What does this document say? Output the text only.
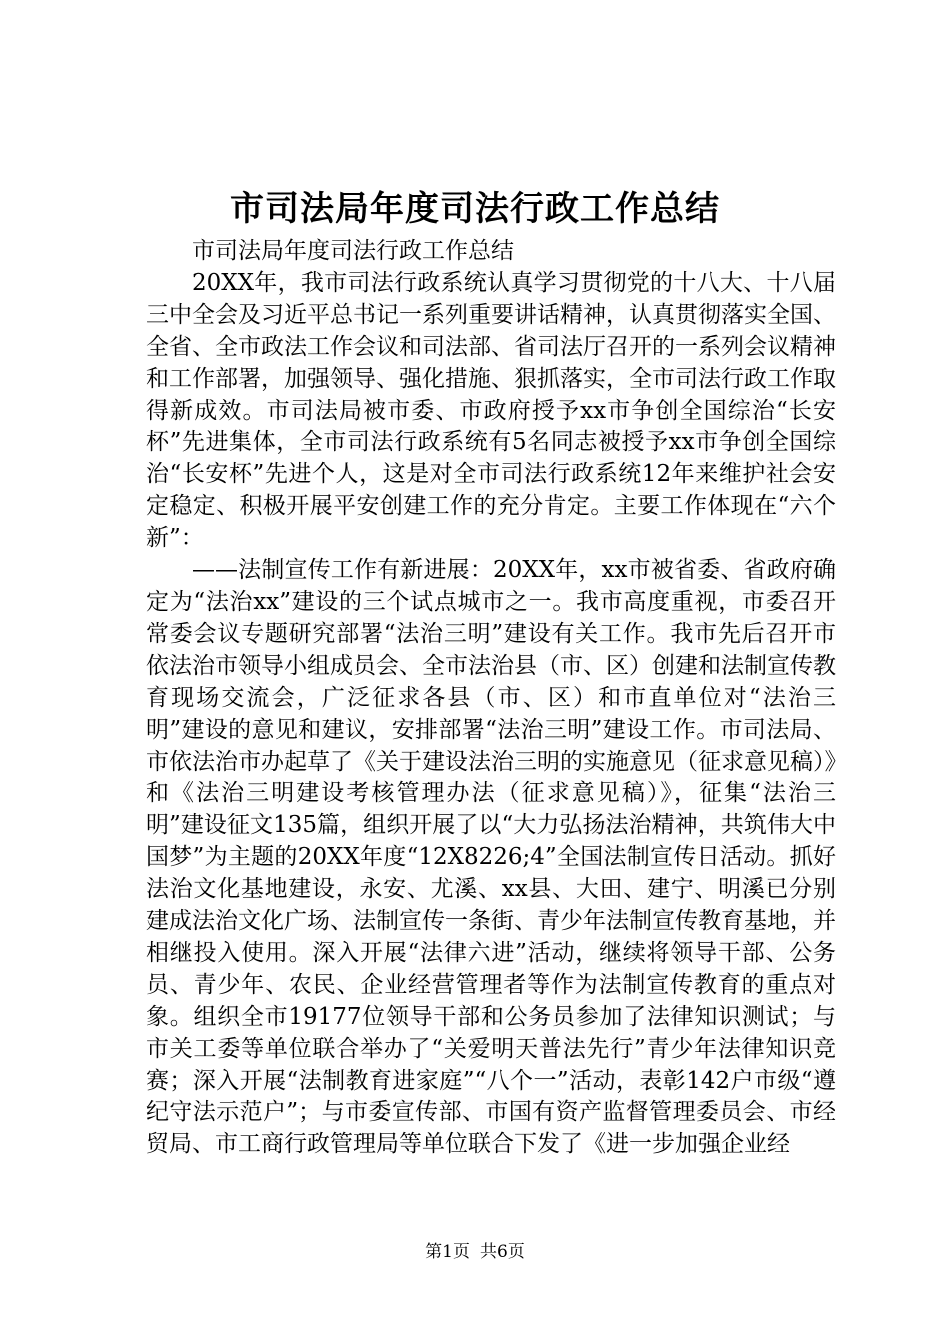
市司法局年度司法行政工作总结

市司法局年度司法行政工作总结

20XX年，我市司法行政系统认真学习贯彻党的十八大、十八届三中全会及习近平总书记一系列重要讲话精神，认真贯彻落实全国、全省、全市政法工作会议和司法部、省司法厅召开的一系列会议精神和工作部署，加强领导、强化措施、狠抓落实，全市司法行政工作取得新成效。市司法局被市委、市政府授予xx市争创全国综治“长安杯”先进集体，全市司法行政系统有5名同志被授予xx市争创全国综治“长安杯”先进个人，这是对全市司法行政系统12年来维护社会安定稳定、积极开展平安创建工作的充分肯定。主要工作体现在“六个新”：

——法制宣传工作有新进展：20XX年，xx市被省委、省政府确定为“法治xx”建设的三个试点城市之一。我市高度重视，市委召开常委会议专题研究部署“法治三明”建设有关工作。我市先后召开市依法治市领导小组成员会、全市法治县（市、区）创建和法制宣传教育现场交流会，广泛征求各县（市、区）和市直单位对“法治三明”建设的意见和建议，安排部署“法治三明”建设工作。市司法局、市依法治市办起草了《关于建设法治三明的实施意见（征求意见稿）》和《法治三明建设考核管理办法（征求意见稿）》，征集“法治三明”建设征文135篇，组织开展了以“大力弘扬法治精神，共筑伟大中国梦”为主题的20XX年度“12X8226;4”全国法制宣传日活动。抓好法治文化基地建设，永安、尤溪、xx县、大田、建宁、明溪已分别建成法治文化广场、法制宣传一条街、青少年法制宣传教育基地，并相继投入使用。深入开展“法律六进”活动，继续将领导干部、公务员、青少年、农民、企业经营管理者等作为法制宣传教育的重点对象。组织全市19177位领导干部和公务员参加了法律知识测试；与市关工委等单位联合举办了“关爱明天普法先行”青少年法律知识竞赛；深入开展“法制教育进家庭”“八个一”活动，表彰142户市级“遵纪守法示范户”；与市委宣传部、市国有资产监督管理委员会、市经贸局、市工商行政管理局等单位联合下发了《进一步加强企业经

第1页 共6页
